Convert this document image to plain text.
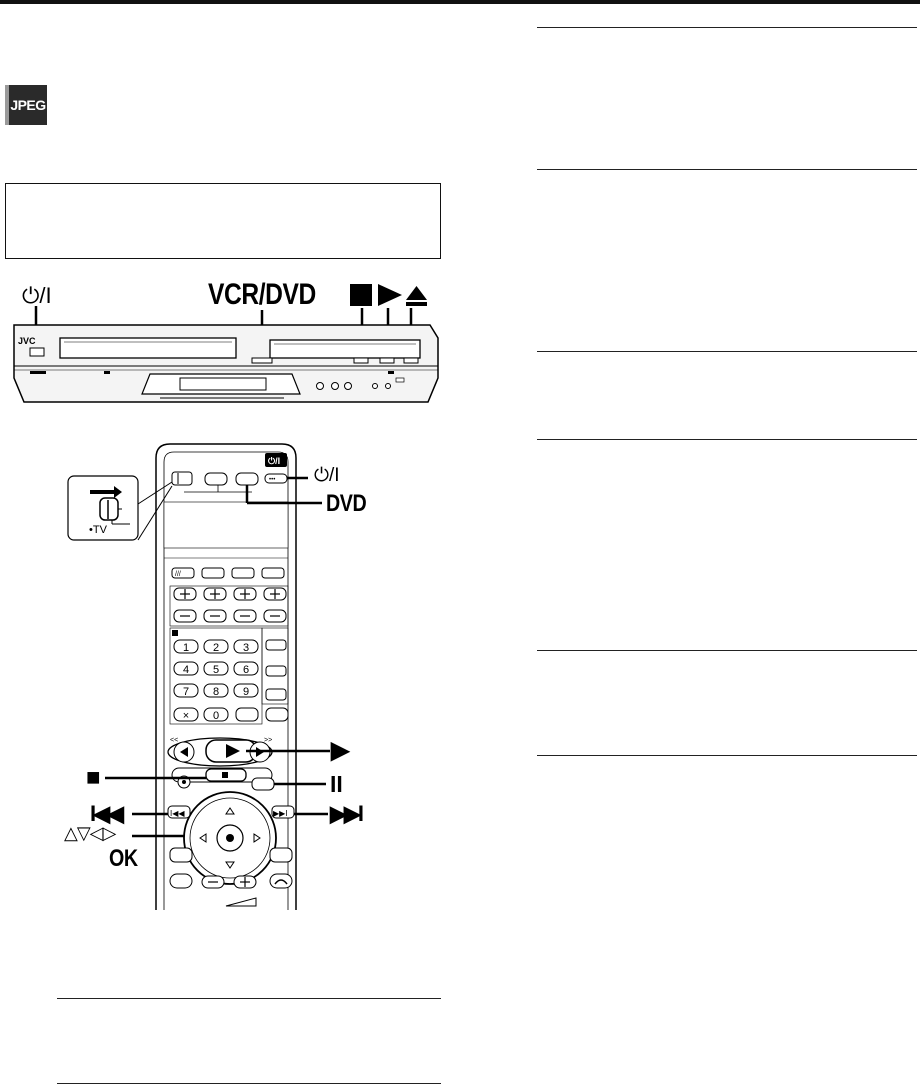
JPEG
⏻/I	VCR/DVD
JVC
⏻/I
•••
•TV
///
1 2 3
4 5 6
7 8 9
0
×
<<	>>
I◀◀	▶▶I
⏻/I
DVD
▶
■	II
I◀◀	▶▶I
△▽◁▷
OK
